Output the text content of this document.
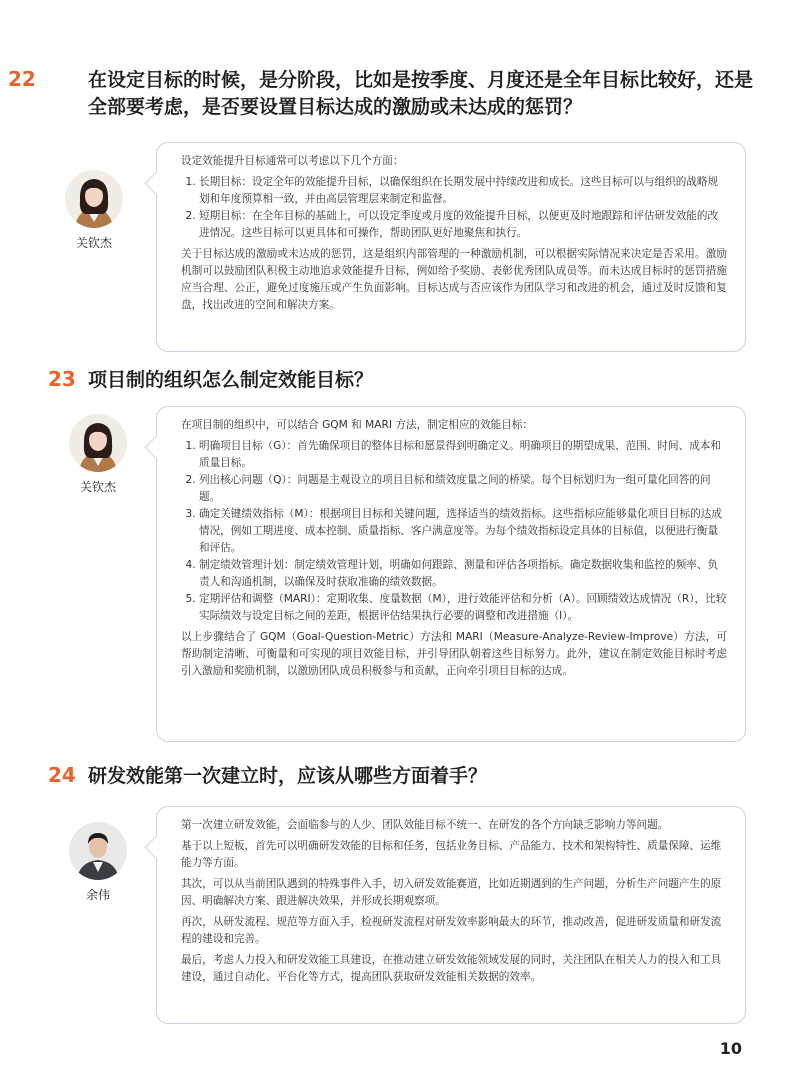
22	在设定目标的时候，是分阶段，比如是按季度、月度还是全年目标比较好，还是全部要考虑，是否要设置目标达成的激励或未达成的惩罚？
关钦杰

设定效能提升目标通常可以考虑以下几个方面：

1. 长期目标：设定全年的效能提升目标，以确保组织在长期发展中持续改进和成长。这些目标可以与组织的战略规划和年度预算相一致，并由高层管理层来制定和监督。
2. 短期目标：在全年目标的基础上，可以设定季度或月度的效能提升目标，以便更及时地跟踪和评估研发效能的改进情况。这些目标可以更具体和可操作，帮助团队更好地聚焦和执行。

关于目标达成的激励或未达成的惩罚，这是组织内部管理的一种激励机制，可以根据实际情况来决定是否采用。激励机制可以鼓励团队积极主动地追求效能提升目标，例如给予奖励、表彰优秀团队成员等。而未达成目标时的惩罚措施应当合理、公正，避免过度施压或产生负面影响。目标达成与否应该作为团队学习和改进的机会，通过及时反馈和复盘，找出改进的空间和解决方案。

23 项目制的组织怎么制定效能目标？
关钦杰

在项目制的组织中，可以结合 GQM 和 MARI 方法，制定相应的效能目标：

1. 明确项目目标（G）：首先确保项目的整体目标和愿景得到明确定义。明确项目的期望成果、范围、时间、成本和质量目标。
2. 列出核心问题（Q）：问题是主观设立的项目目标和绩效度量之间的桥梁。每个目标划归为一组可量化回答的问题。
3. 确定关键绩效指标（M）：根据项目目标和关键问题，选择适当的绩效指标。这些指标应能够量化项目目标的达成情况，例如工期进度、成本控制、质量指标、客户满意度等。为每个绩效指标设定具体的目标值，以便进行衡量和评估。
4. 制定绩效管理计划：制定绩效管理计划，明确如何跟踪、测量和评估各项指标。确定数据收集和监控的频率、负责人和沟通机制，以确保及时获取准确的绩效数据。
5. 定期评估和调整（MARI）：定期收集、度量数据（M），进行效能评估和分析（A）。回顾绩效达成情况（R），比较实际绩效与设定目标之间的差距，根据评估结果执行必要的调整和改进措施（I）。

以上步骤结合了 GQM（Goal-Question-Metric）方法和 MARI（Measure-Analyze-Review-Improve）方法，可帮助制定清晰、可衡量和可实现的项目效能目标，并引导团队朝着这些目标努力。此外，建议在制定效能目标时考虑引入激励和奖励机制，以激励团队成员积极参与和贡献，正向牵引项目目标的达成。

24 研发效能第一次建立时，应该从哪些方面着手？
余伟

第一次建立研发效能，会面临参与的人少、团队效能目标不统一、在研发的各个方向缺乏影响力等问题。

基于以上短板，首先可以明确研发效能的目标和任务，包括业务目标、产品能力、技术和架构特性、质量保障、运维能力等方面。

其次，可以从当前团队遇到的特殊事件入手，切入研发效能赛道，比如近期遇到的生产问题，分析生产问题产生的原因、明确解决方案、跟进解决效果，并形成长期观察项。

再次，从研发流程、规范等方面入手，检视研发流程对研发效率影响最大的环节，推动改善，促进研发质量和研发流程的建设和完善。

最后，考虑人力投入和研发效能工具建设，在推动建立研发效能领域发展的同时，关注团队在相关人力的投入和工具建设，通过自动化、平台化等方式，提高团队获取研发效能相关数据的效率。

10
